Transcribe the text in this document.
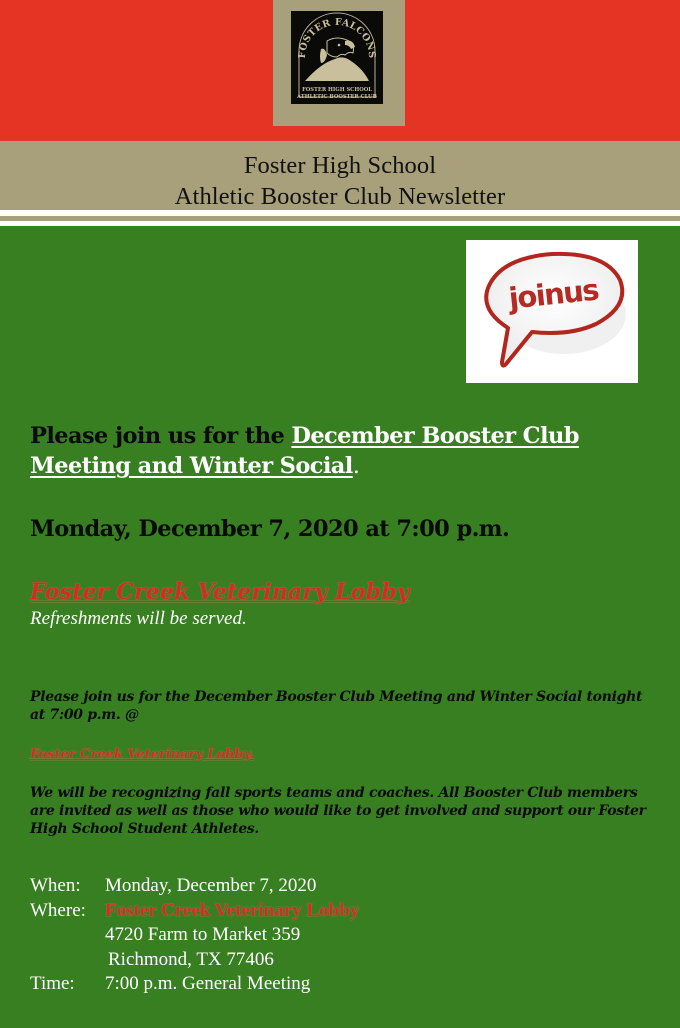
FOSTER FALCONS
FOSTER HIGH SCHOOL
ATHLETIC BOOSTER CLUB
Foster High School
Athletic Booster Club Newsletter
joinus
Please join us for the December Booster Club Meeting and Winter Social.
Monday, December 7, 2020 at 7:00 p.m.
Foster Creek Veterinary Lobby
Refreshments will be served.
Please join us for the December Booster Club Meeting and Winter Social tonight at 7:00 p.m. @
Foster Creek Veterinary Lobby.
We will be recognizing fall sports teams and coaches. All Booster Club members are invited as well as those who would like to get involved and support our Foster High School Student Athletes.
When:	Monday, December 7, 2020
Where:	Foster Creek Veterinary Lobby
4720 Farm to Market 359
Richmond, TX 77406
Time:	7:00 p.m. General Meeting
